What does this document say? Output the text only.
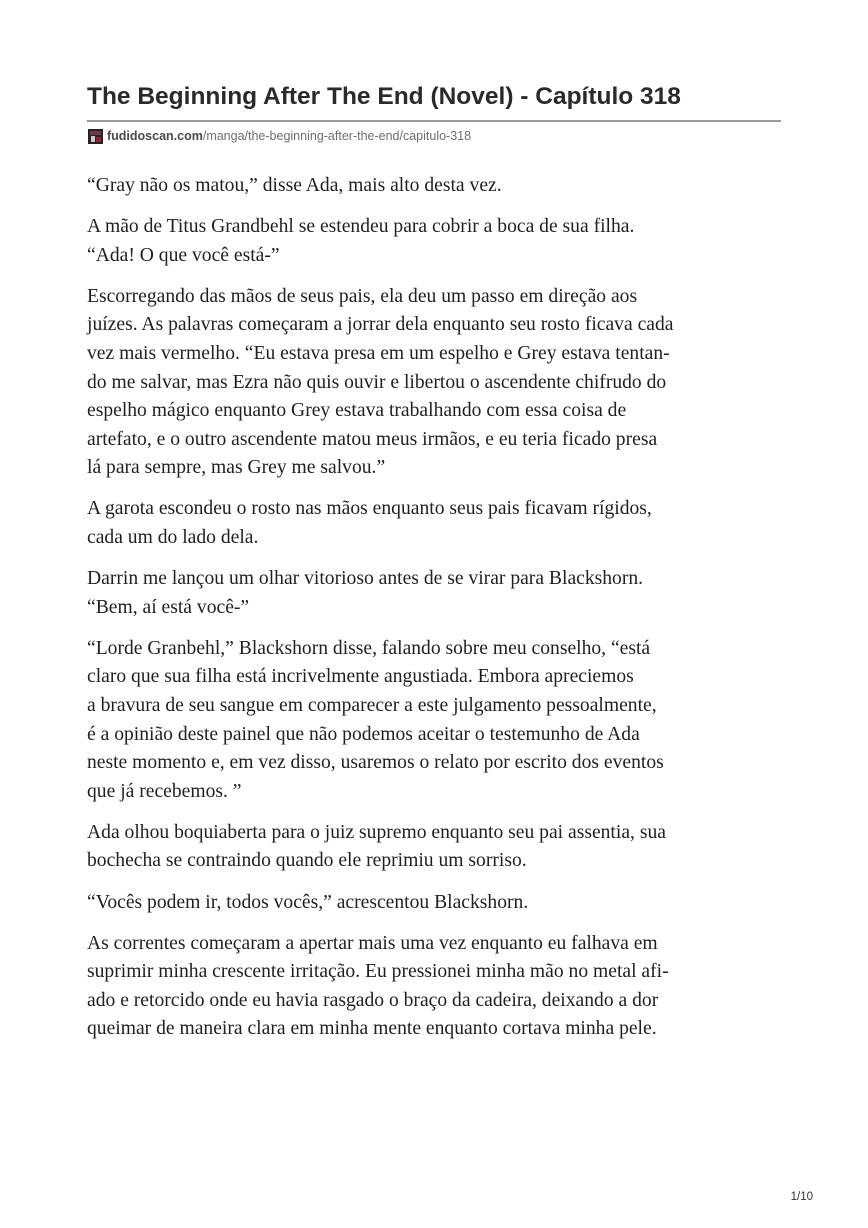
The Beginning After The End (Novel) - Capítulo 318
fudidoscan.com /manga/the-beginning-after-the-end/capitulo-318

“Gray não os matou,” disse Ada, mais alto desta vez.

A mão de Titus Grandbehl se estendeu para cobrir a boca de sua filha.
“Ada! O que você está-”

Escorregando das mãos de seus pais, ela deu um passo em direção aos
juízes. As palavras começaram a jorrar dela enquanto seu rosto ficava cada
vez mais vermelho. “Eu estava presa em um espelho e Grey estava tentan-
do me salvar, mas Ezra não quis ouvir e libertou o ascendente chifrudo do
espelho mágico enquanto Grey estava trabalhando com essa coisa de
artefato, e o outro ascendente matou meus irmãos, e eu teria ficado presa
lá para sempre, mas Grey me salvou.”

A garota escondeu o rosto nas mãos enquanto seus pais ficavam rígidos,
cada um do lado dela.

Darrin me lançou um olhar vitorioso antes de se virar para Blackshorn.
“Bem, aí está você-”

“Lorde Granbehl,” Blackshorn disse, falando sobre meu conselho, “está
claro que sua filha está incrivelmente angustiada. Embora apreciemos
a bravura de seu sangue em comparecer a este julgamento pessoalmente,
é a opinião deste painel que não podemos aceitar o testemunho de Ada
neste momento e, em vez disso, usaremos o relato por escrito dos eventos
que já recebemos. ”

Ada olhou boquiaberta para o juiz supremo enquanto seu pai assentia, sua
bochecha se contraindo quando ele reprimiu um sorriso.

“Vocês podem ir, todos vocês,” acrescentou Blackshorn.

As correntes começaram a apertar mais uma vez enquanto eu falhava em
suprimir minha crescente irritação. Eu pressionei minha mão no metal afi-
ado e retorcido onde eu havia rasgado o braço da cadeira, deixando a dor
queimar de maneira clara em minha mente enquanto cortava minha pele.

1/10
